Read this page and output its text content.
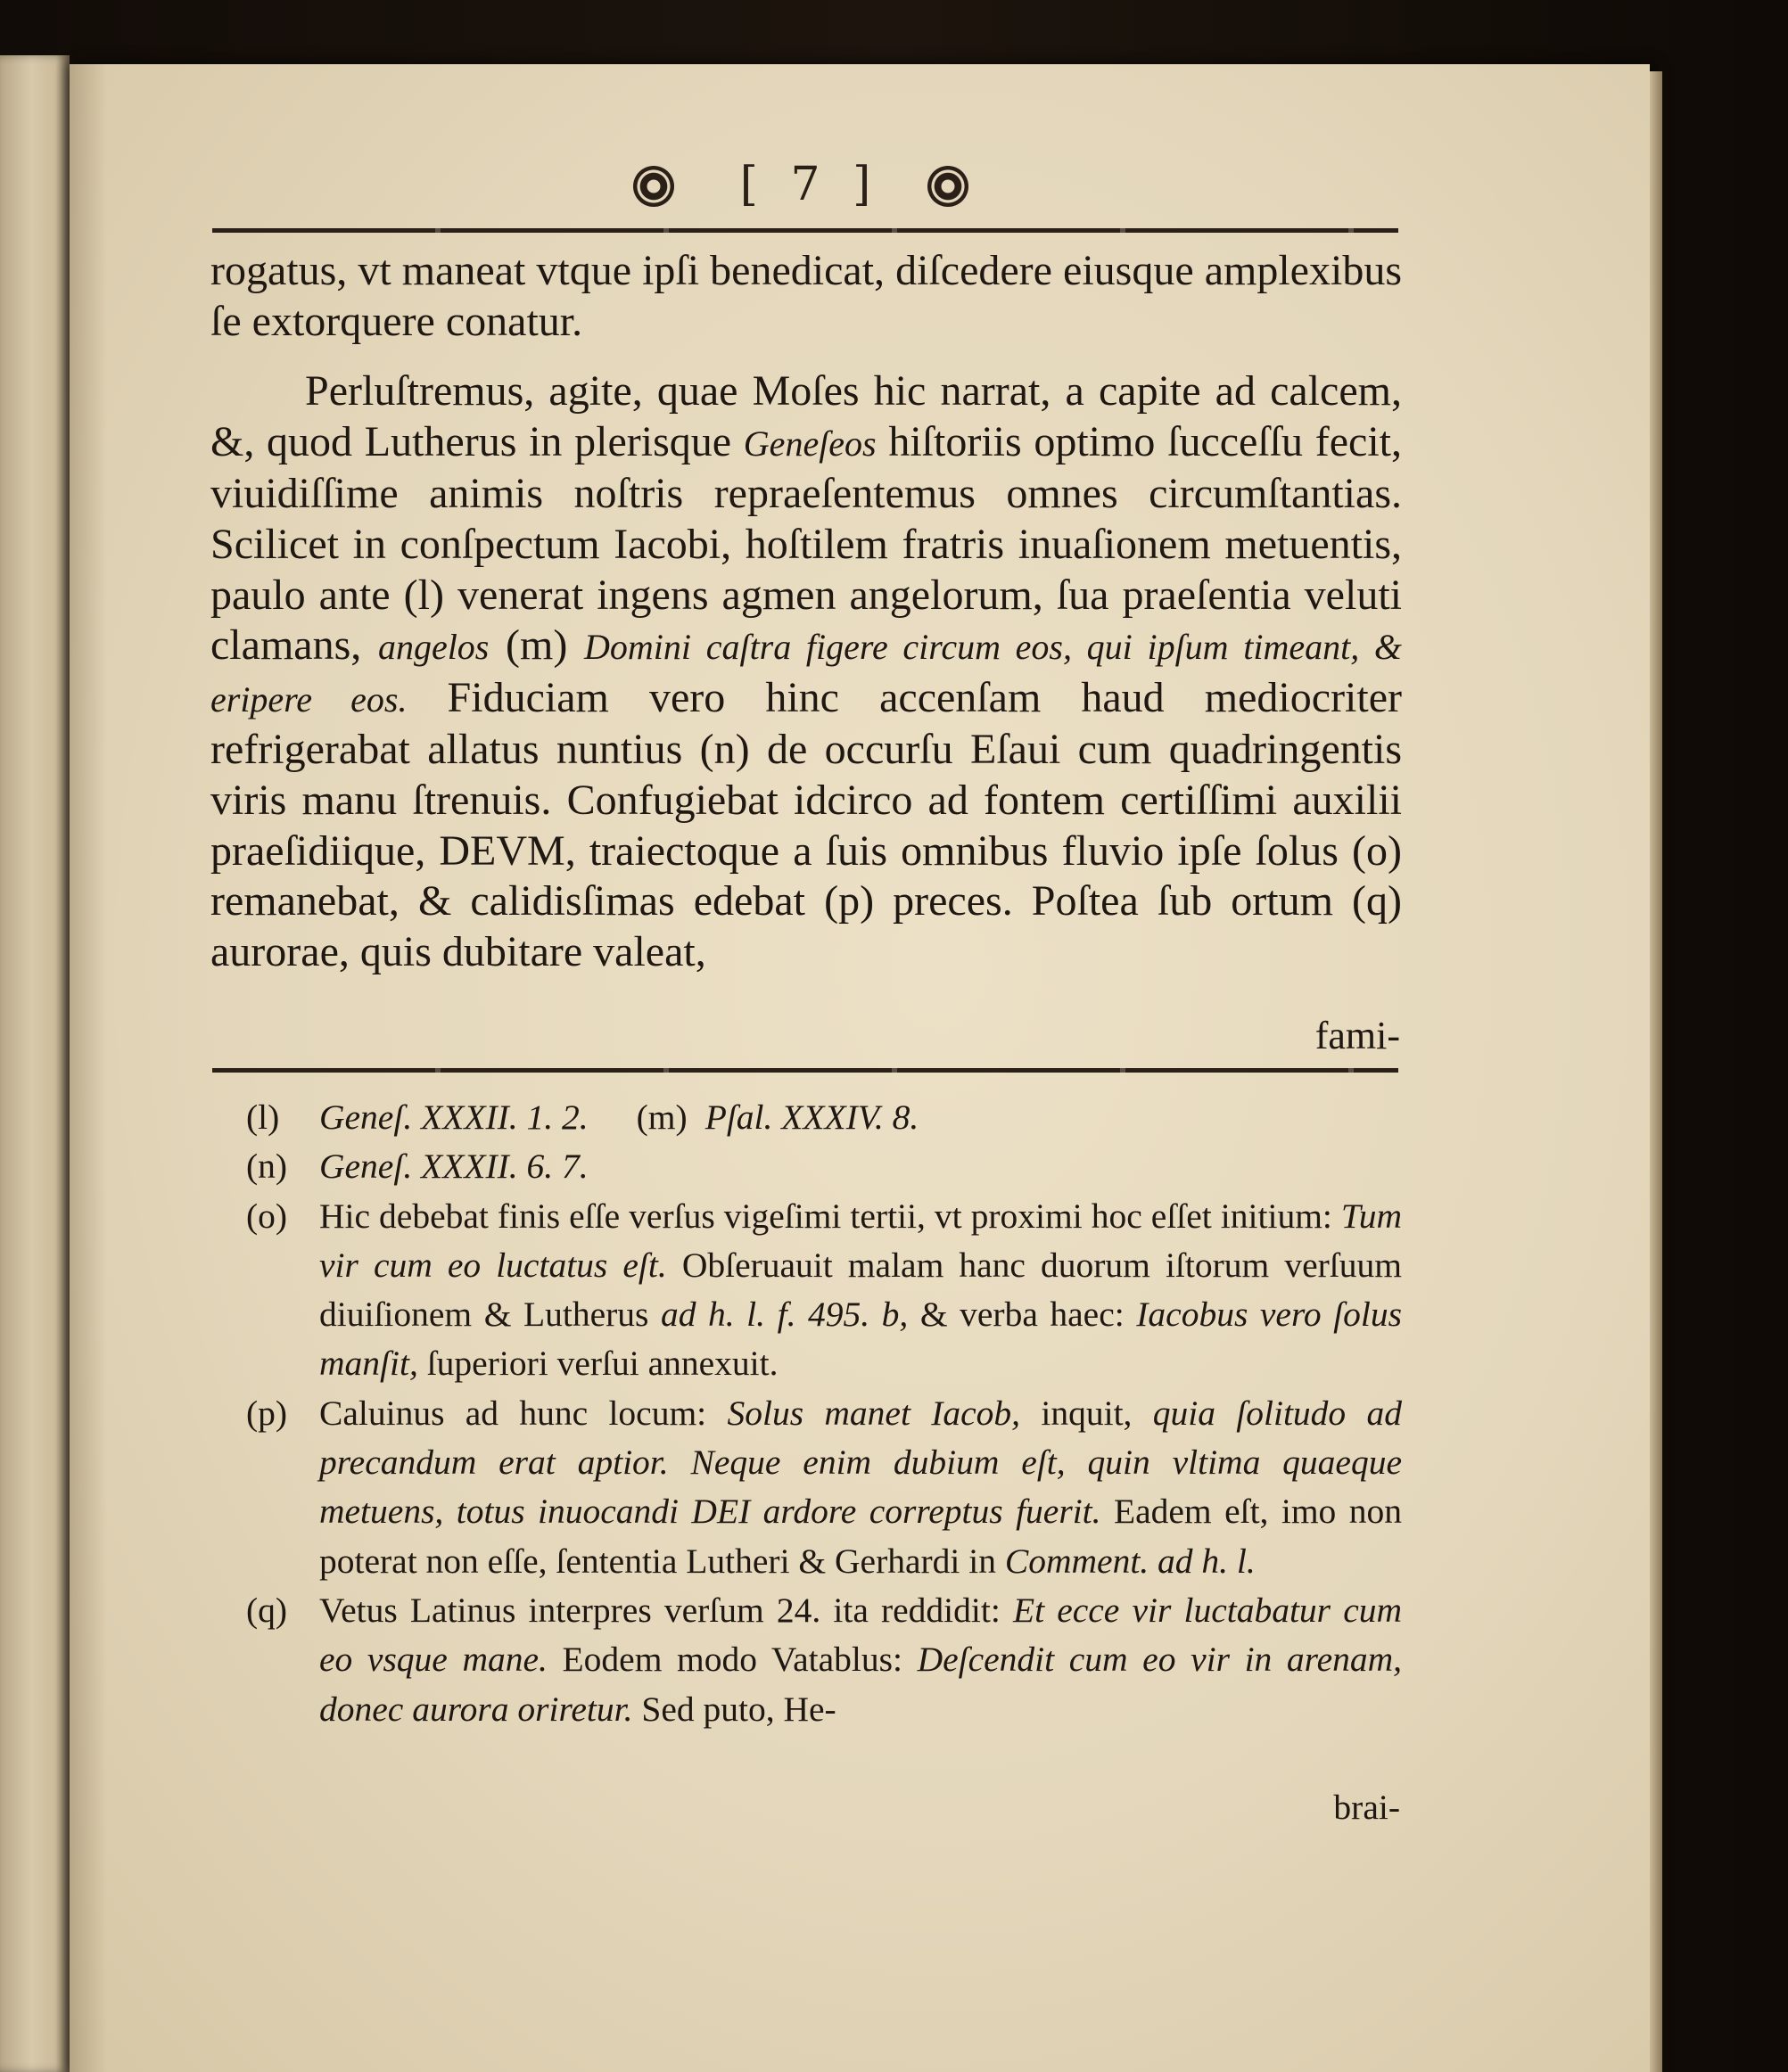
[ 7 ]

rogatus, vt maneat vtque ipſi benedicat, diſcedere eiusque amplexibus ſe extorquere conatur.

Perluſtremus, agite, quae Moſes hic narrat, a capite ad calcem, &, quod Lutherus in plerisque Geneſeos hiſtoriis optimo ſucceſſu fecit, viuidiſſime animis noſtris repraeſentemus omnes circumſtantias. Scilicet in conſpectum Iacobi, hoſtilem fratris inuaſionem metuentis, paulo ante (l) venerat ingens agmen angelorum, ſua praeſentia veluti clamans, angelos (m) Domini caſtra figere circum eos, qui ipſum timeant, & eripere eos. Fiduciam vero hinc accenſam haud mediocriter refrigerabat allatus nuntius (n) de occurſu Eſaui cum quadringentis viris manu ſtrenuis. Confugiebat idcirco ad fontem certiſſimi auxilii praeſidiique, DEVM, traiectoque a ſuis omnibus fluvio ipſe ſolus (o) remanebat, & calidisſimas edebat (p) preces. Poſtea ſub ortum (q) aurorae, quis dubitare valeat,

fami-
(l)	Geneſ. XXXII. 1. 2. (m) Pſal. XXXIV. 8.
(n) Geneſ. XXXII. 6. 7.
(o) Hic debebat finis eſſe verſus vigeſimi tertii, vt proximi hoc eſſet initium: Tum vir cum eo luctatus eſt. Obſeruauit malam hanc duorum iſtorum verſuum diuiſionem & Lutherus ad h. l. f. 495. b, & verba haec: Iacobus vero ſolus manſit, ſuperiori verſui annexuit.
(p) Caluinus ad hunc locum: Solus manet Iacob, inquit, quia ſolitudo ad precandum erat aptior. Neque enim dubium eſt, quin vltima quaeque metuens, totus inuocandi DEI ardore correptus fuerit. Eadem eſt, imo non poterat non eſſe, ſententia Lutheri & Gerhardi in Comment. ad h. l.
(q) Vetus Latinus interpres verſum 24. ita reddidit: Et ecce vir luctabatur cum eo vsque mane. Eodem modo Vatablus: Deſcendit cum eo vir in arenam, donec aurora oriretur. Sed puto, He-
brai-
